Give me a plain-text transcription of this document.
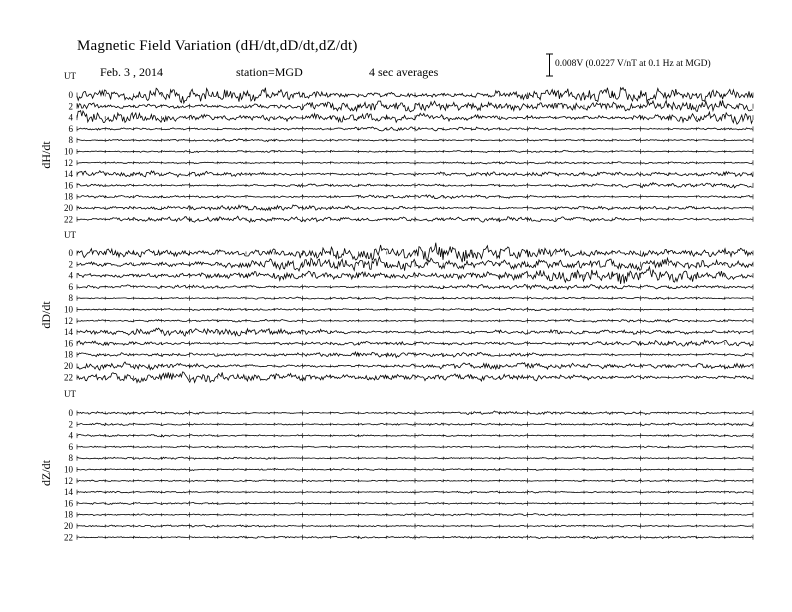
Magnetic Field Variation (dH/dt,dD/dt,dZ/dt)
Feb. 3 , 2014	station=MGD	4 sec averages
0.008V (0.0227 V/nT at 0.1 Hz at MGD)
UT
dH/dt
0
2
4
6
8
10
12
14
16
18
20
22
UT
dD/dt
0
2
4
6
8
10
12
14
16
18
20
22
UT
dZ/dt
0
2
4
6
8
10
12
14
16
18
20
22
